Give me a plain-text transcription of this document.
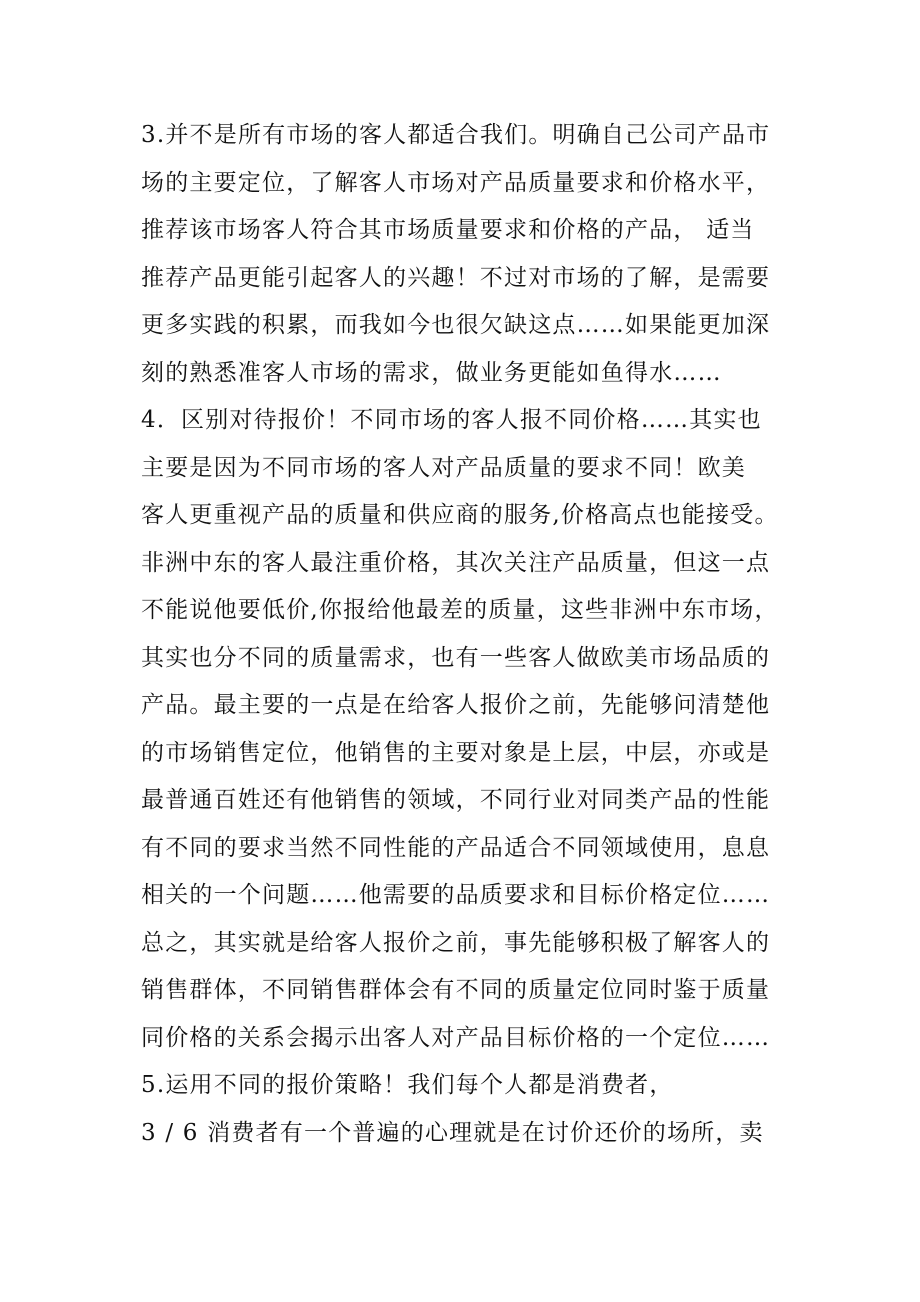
3.并不是所有市场的客人都适合我们。明确自己公司产品市
场的主要定位，了解客人市场对产品质量要求和价格水平，
推荐该市场客人符合其市场质量要求和价格的产品， 适当
推荐产品更能引起客人的兴趣！不过对市场的了解，是需要
更多实践的积累，而我如今也很欠缺这点……如果能更加深
刻的熟悉准客人市场的需求，做业务更能如鱼得水……
4．区别对待报价！不同市场的客人报不同价格……其实也
主要是因为不同市场的客人对产品质量的要求不同！欧美
客人更重视产品的质量和供应商的服务,价格高点也能接受。
非洲中东的客人最注重价格，其次关注产品质量，但这一点
不能说他要低价,你报给他最差的质量，这些非洲中东市场，
其实也分不同的质量需求，也有一些客人做欧美市场品质的
产品。最主要的一点是在给客人报价之前，先能够问清楚他
的市场销售定位，他销售的主要对象是上层，中层，亦或是
最普通百姓还有他销售的领域，不同行业对同类产品的性能
有不同的要求当然不同性能的产品适合不同领域使用，息息
相关的一个问题……他需要的品质要求和目标价格定位……
总之，其实就是给客人报价之前，事先能够积极了解客人的
销售群体，不同销售群体会有不同的质量定位同时鉴于质量
同价格的关系会揭示出客人对产品目标价格的一个定位……
5.运用不同的报价策略！我们每个人都是消费者，
3 / 6 消费者有一个普遍的心理就是在讨价还价的场所，卖
